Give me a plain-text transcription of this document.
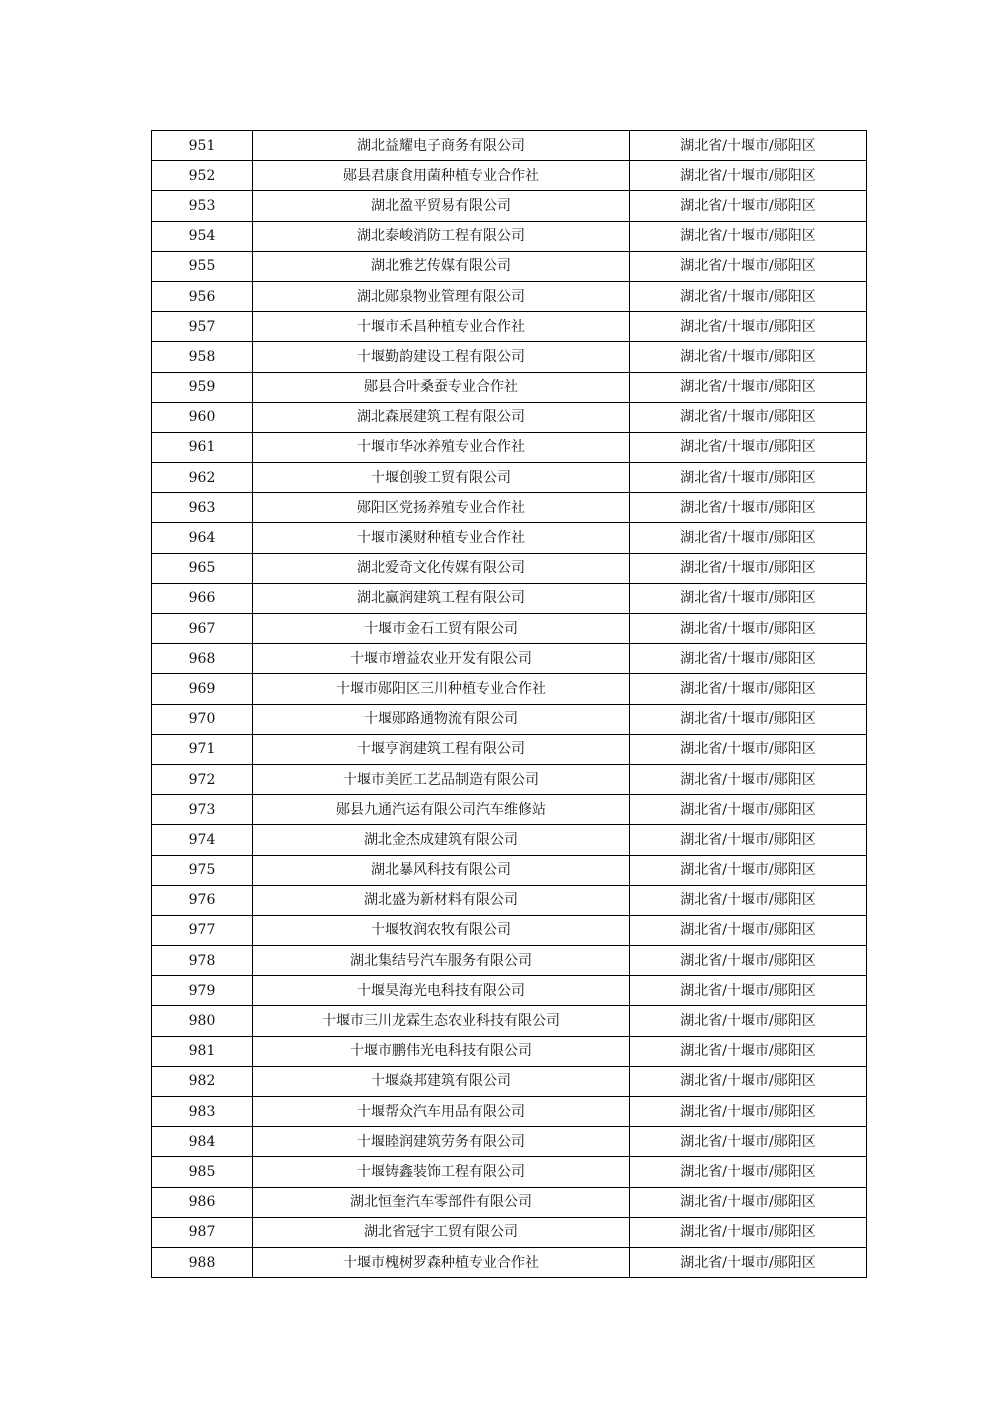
951	湖北益耀电子商务有限公司	湖北省/十堰市/郧阳区
952	郧县君康食用菌种植专业合作社	湖北省/十堰市/郧阳区
953	湖北盈平贸易有限公司	湖北省/十堰市/郧阳区
954	湖北泰峻消防工程有限公司	湖北省/十堰市/郧阳区
955	湖北雅艺传媒有限公司	湖北省/十堰市/郧阳区
956	湖北郧泉物业管理有限公司	湖北省/十堰市/郧阳区
957	十堰市禾昌种植专业合作社	湖北省/十堰市/郧阳区
958	十堰勤韵建设工程有限公司	湖北省/十堰市/郧阳区
959	郧县合叶桑蚕专业合作社	湖北省/十堰市/郧阳区
960	湖北森展建筑工程有限公司	湖北省/十堰市/郧阳区
961	十堰市华冰养殖专业合作社	湖北省/十堰市/郧阳区
962	十堰创骏工贸有限公司	湖北省/十堰市/郧阳区
963	郧阳区党扬养殖专业合作社	湖北省/十堰市/郧阳区
964	十堰市溪财种植专业合作社	湖北省/十堰市/郧阳区
965	湖北爱奇文化传媒有限公司	湖北省/十堰市/郧阳区
966	湖北赢润建筑工程有限公司	湖北省/十堰市/郧阳区
967	十堰市金石工贸有限公司	湖北省/十堰市/郧阳区
968	十堰市增益农业开发有限公司	湖北省/十堰市/郧阳区
969	十堰市郧阳区三川种植专业合作社	湖北省/十堰市/郧阳区
970	十堰郧路通物流有限公司	湖北省/十堰市/郧阳区
971	十堰亨润建筑工程有限公司	湖北省/十堰市/郧阳区
972	十堰市美匠工艺品制造有限公司	湖北省/十堰市/郧阳区
973	郧县九通汽运有限公司汽车维修站	湖北省/十堰市/郧阳区
974	湖北金杰成建筑有限公司	湖北省/十堰市/郧阳区
975	湖北暴风科技有限公司	湖北省/十堰市/郧阳区
976	湖北盛为新材料有限公司	湖北省/十堰市/郧阳区
977	十堰牧润农牧有限公司	湖北省/十堰市/郧阳区
978	湖北集结号汽车服务有限公司	湖北省/十堰市/郧阳区
979	十堰昊海光电科技有限公司	湖北省/十堰市/郧阳区
980	十堰市三川龙霖生态农业科技有限公司	湖北省/十堰市/郧阳区
981	十堰市鹏伟光电科技有限公司	湖北省/十堰市/郧阳区
982	十堰焱邦建筑有限公司	湖北省/十堰市/郧阳区
983	十堰帮众汽车用品有限公司	湖北省/十堰市/郧阳区
984	十堰睦润建筑劳务有限公司	湖北省/十堰市/郧阳区
985	十堰铸鑫装饰工程有限公司	湖北省/十堰市/郧阳区
986	湖北恒奎汽车零部件有限公司	湖北省/十堰市/郧阳区
987	湖北省冠宇工贸有限公司	湖北省/十堰市/郧阳区
988	十堰市槐树罗森种植专业合作社	湖北省/十堰市/郧阳区
